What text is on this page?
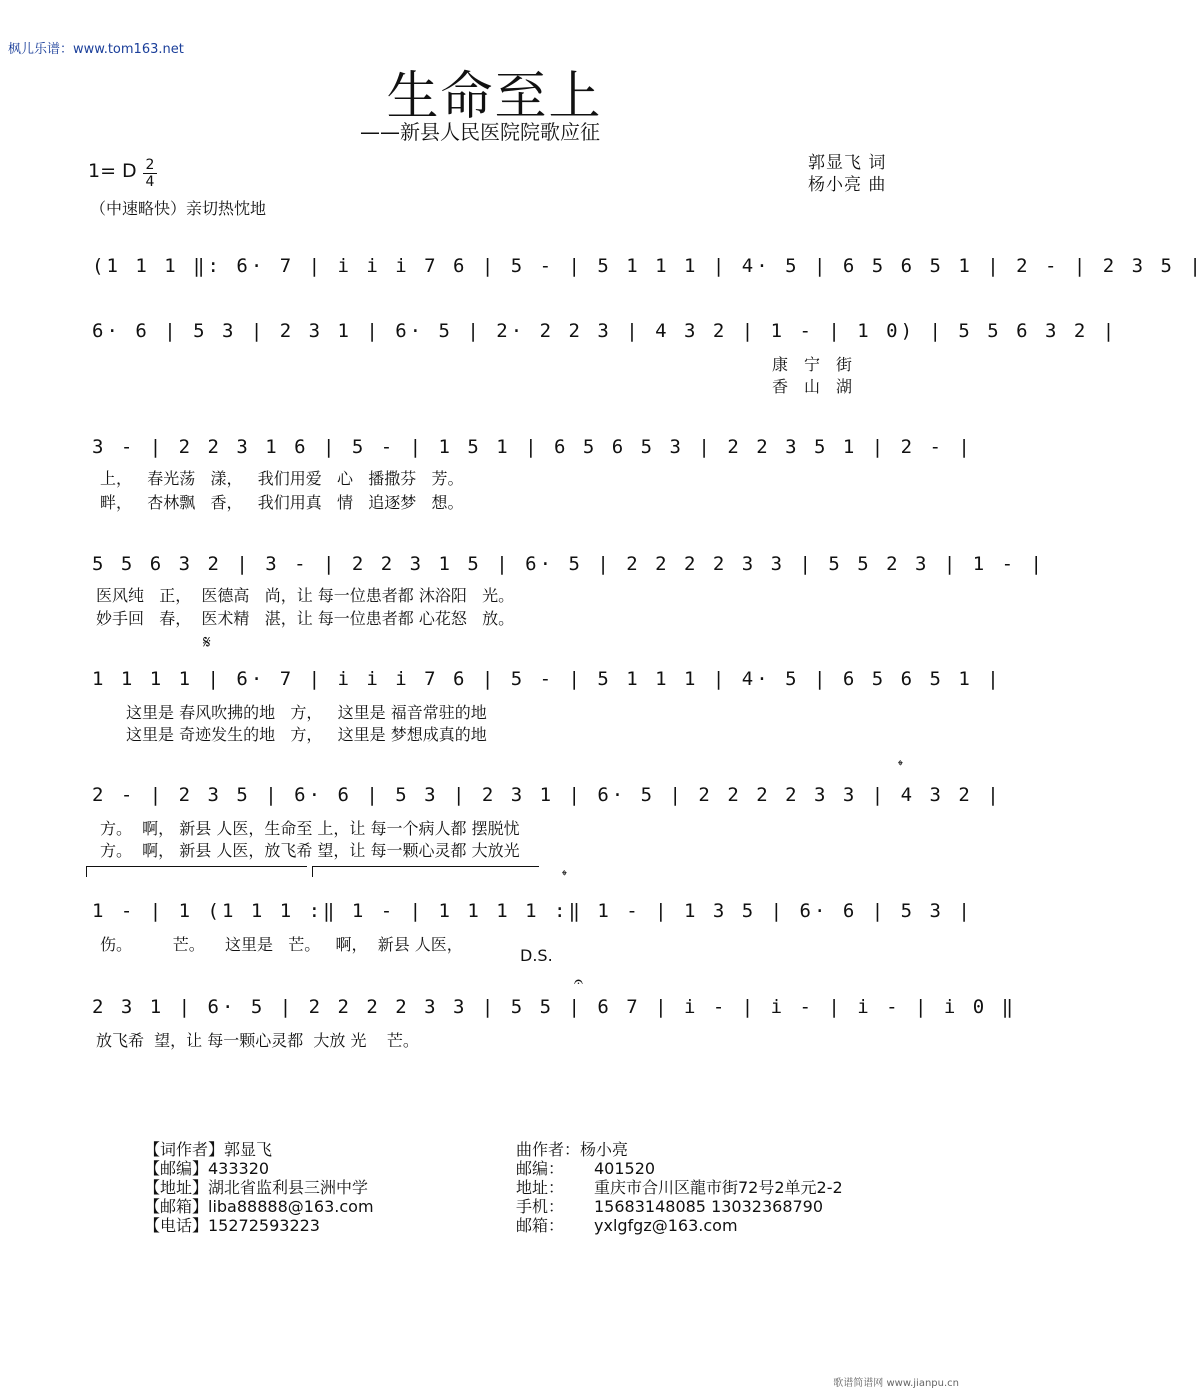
枫儿乐谱：www.tom163.net
生命至上
——新县人民医院院歌应征
郭显飞 词
杨小亮 曲
1= D 2
4
（中速略快）亲切热忱地
(1 1 1 ‖: 6· 7 | i i i 7 6 | 5 - | 5 1 1 1 | 4· 5 | 6 5 6 5 1 | 2 - | 2 3 5 |
6· 6 | 5 3 | 2 3 1 | 6· 5 | 2· 2 2 3 | 4 3 2 | 1 - | 1 0) | 5 5 6 3 2 |
康宁街
香山湖
3 - | 2 2 3 1 6 | 5 - | 1 5 1 | 6 5 6 5 3 | 2 2 3 5 1 | 2 - |
上，   春光荡   漾，   我们用爱   心   播撒芬   芳。
畔，   杏林飘   香，   我们用真   情   追逐梦   想。
5 5 6 3 2 | 3 - | 2 2 3 1 5 | 6· 5 | 2 2 2 2 3 3 | 5 5 2 3 | 1 - |
医风纯   正，  医德高   尚，让 每一位患者都 沐浴阳   光。
妙手回   春，  医术精   湛，让 每一位患者都 心花怒   放。
𝄋
1 1 1 1 | 6· 7 | i i i 7 6 | 5 - | 5 1 1 1 | 4· 5 | 6 5 6 5 1 |
这里是 春风吹拂的地   方，   这里是 福音常驻的地
这里是 奇迹发生的地   方，   这里是 梦想成真的地
𝄌
2 - | 2 3 5 | 6· 6 | 5 3 | 2 3 1 | 6· 5 | 2 2 2 2 3 3 | 4 3 2 |
方。  啊， 新县 人医，生命至 上，让 每一个病人都 摆脱忧
方。  啊， 新县 人医，放飞希 望，让 每一颗心灵都 大放光
𝄌
1 - | 1 (1 1 1 :‖ 1 - | 1 1 1 1 :‖ 1 - | 1 3 5 | 6· 6 | 5 3 |
伤。        芒。    这里是   芒。   啊，  新县 人医，
D.S.
𝄐
2 3 1 | 6· 5 | 2 2 2 2 3 3 | 5 5 | 6 7 | i - | i - | i - | i 0 ‖
放飞希  望，让 每一颗心灵都  大放 光    芒。
【词作者】郭显飞
【邮编】433320
【地址】湖北省监利县三洲中学
【邮箱】liba88888@163.com
【电话】15272593223
曲作者：杨小亮
邮编：
地址：
手机：
邮箱：

401520
重庆市合川区龍市街72号2单元2-2
15683148085 13032368790
yxlgfgz@163.com
歌谱简谱网 www.jianpu.cn
